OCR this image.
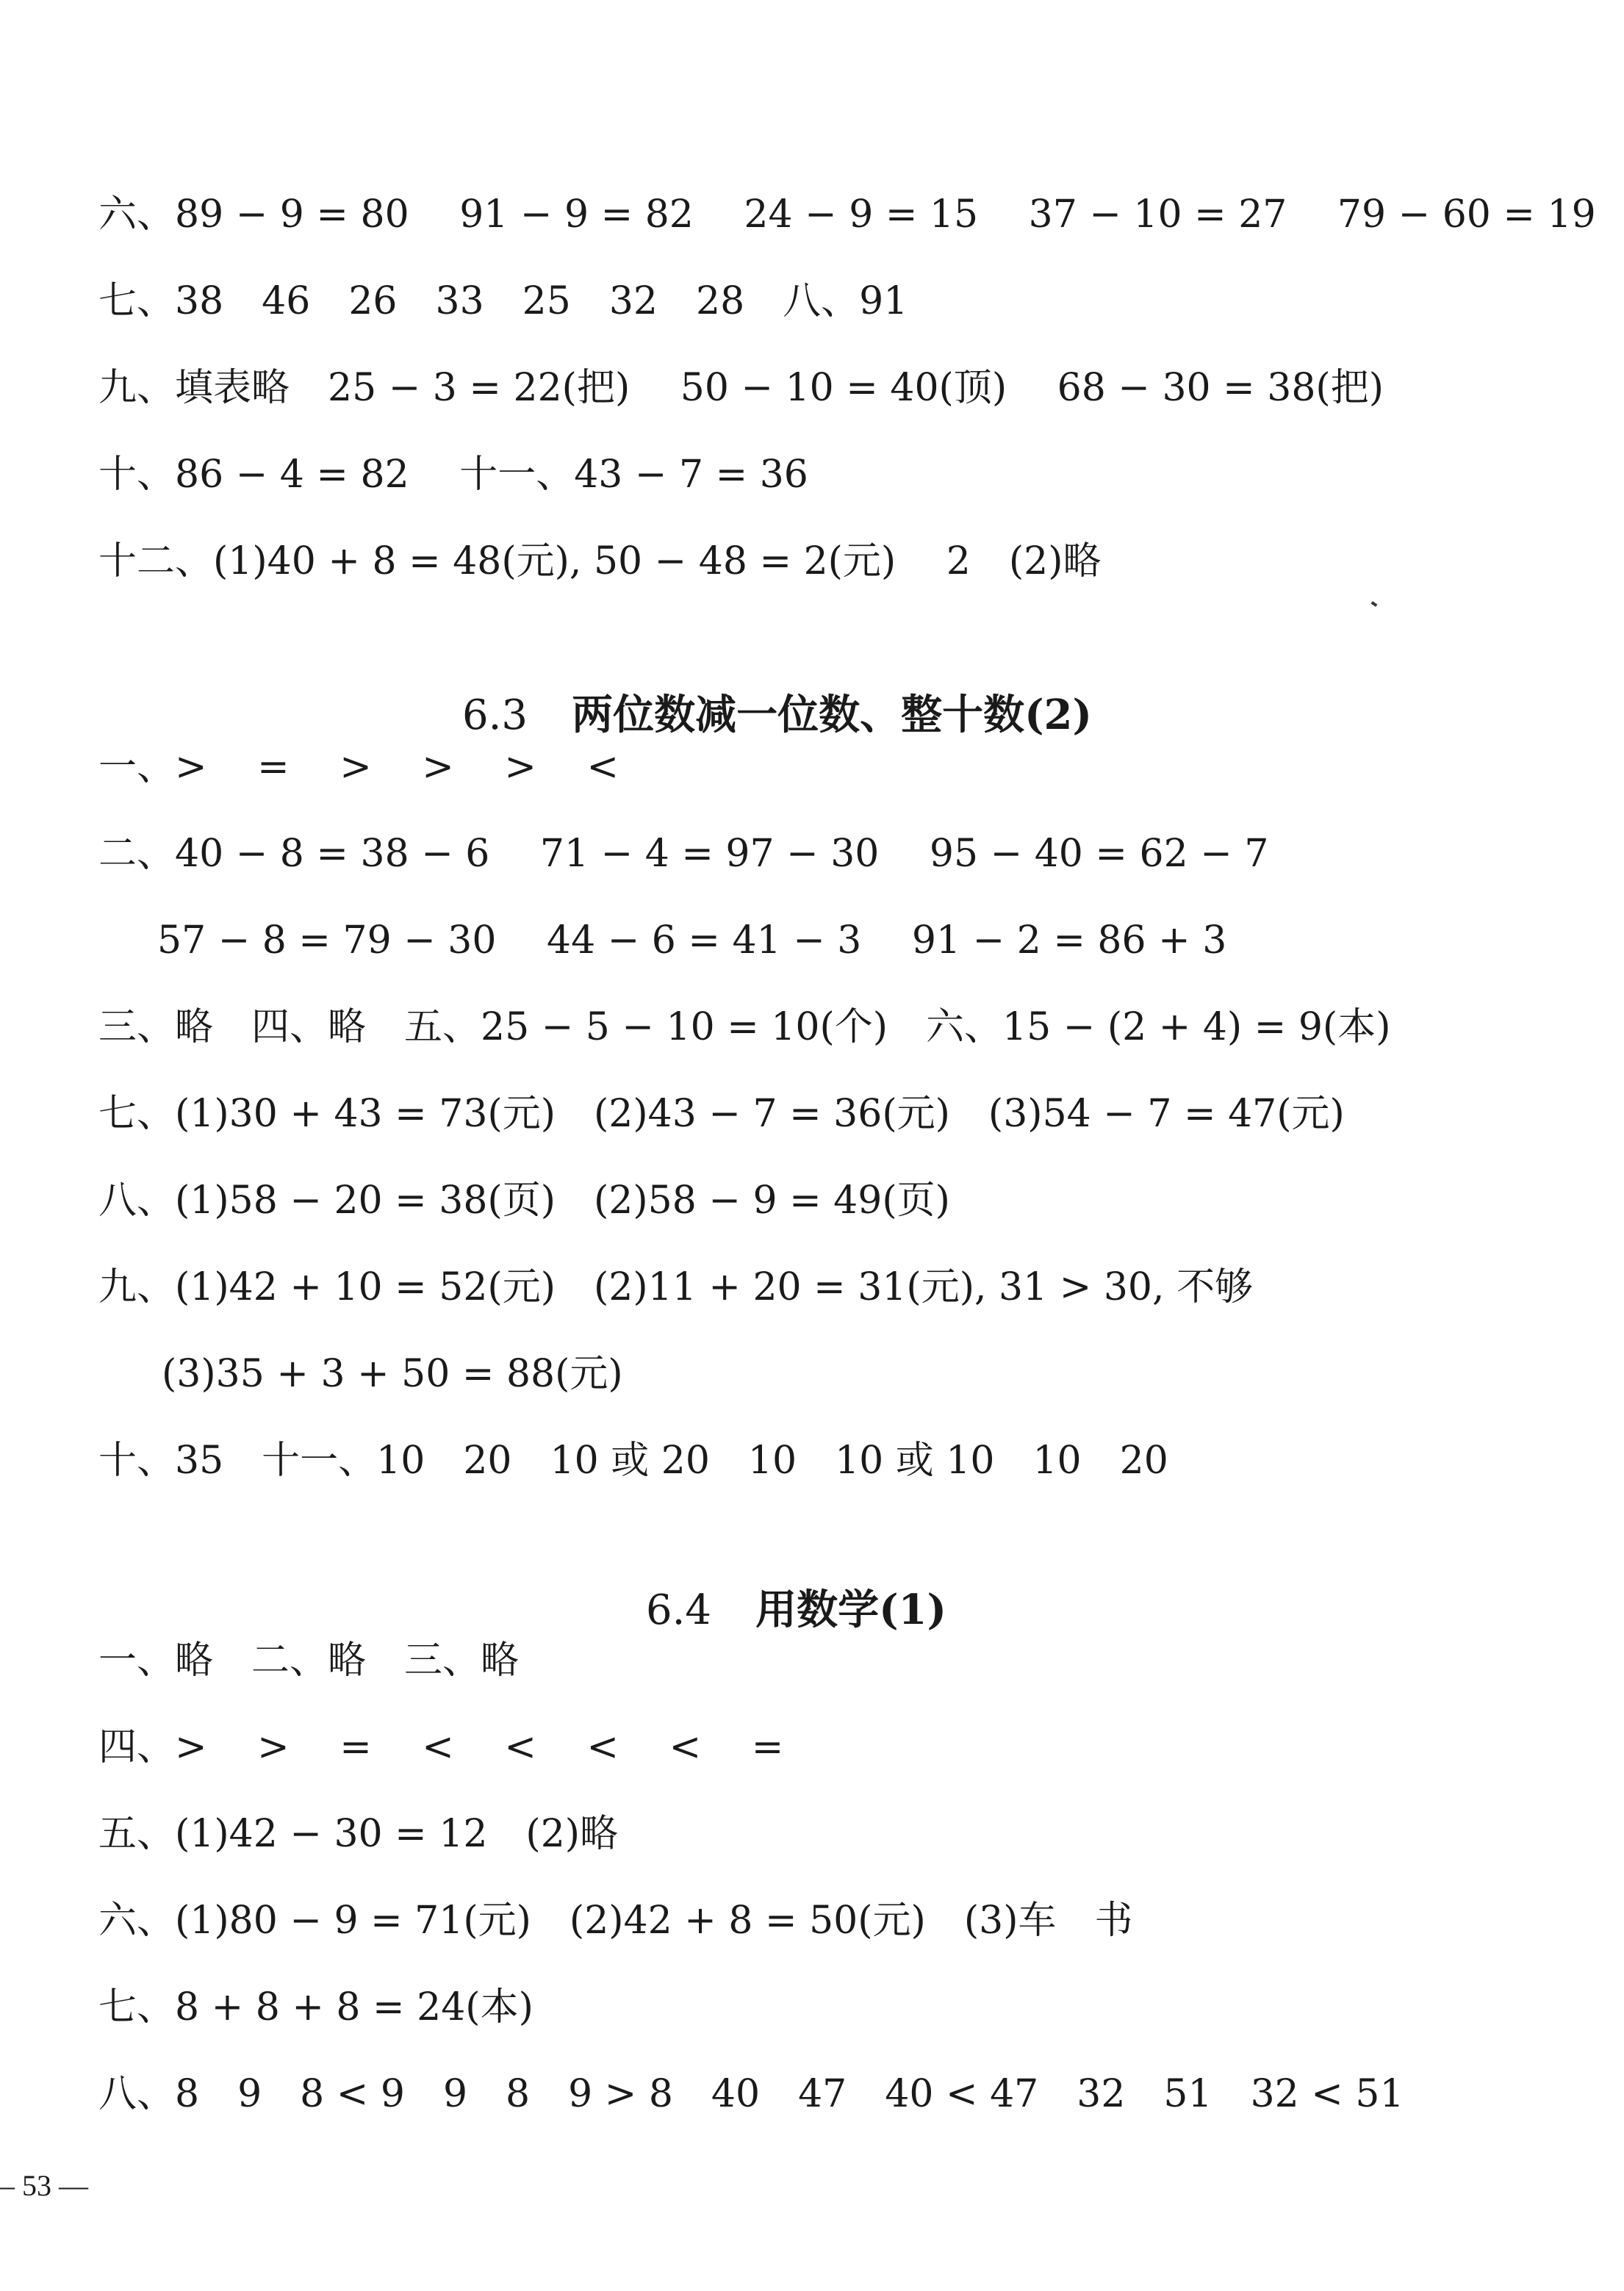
六、89 − 9 = 80　 91 − 9 = 82　 24 − 9 = 15　 37 − 10 = 27　 79 − 60 = 19
七、38　46　26　33　25　32　28　八、91
九、填表略　25 − 3 = 22(把)　 50 − 10 = 40(顶)　 68 − 30 = 38(把)
十、86 − 4 = 82　 十一、43 − 7 = 36
十二、(1)40 + 8 = 48(元), 50 − 48 = 2(元)　 2　(2)略

6.3 两位数减一位数、整十数(2)

一、>　 =　 >　 >　 >　 <
二、40 − 8 = 38 − 6　 71 − 4 = 97 − 30　 95 − 40 = 62 − 7
57 − 8 = 79 − 30　 44 − 6 = 41 − 3　 91 − 2 = 86 + 3
三、略　四、略　五、25 − 5 − 10 = 10(个)　六、15 − (2 + 4) = 9(本)
七、(1)30 + 43 = 73(元)　(2)43 − 7 = 36(元)　(3)54 − 7 = 47(元)
八、(1)58 − 20 = 38(页)　(2)58 − 9 = 49(页)
九、(1)42 + 10 = 52(元)　(2)11 + 20 = 31(元), 31 > 30, 不够
(3)35 + 3 + 50 = 88(元)
十、35　十一、10　20　10 或 20　10　10 或 10　10　20

6.4 用数学(1)

一、略　二、略　三、略
四、>　 >　 =　 <　 <　 <　 <　 =
五、(1)42 − 30 = 12　(2)略
六、(1)80 − 9 = 71(元)　(2)42 + 8 = 50(元)　(3)车　书
七、8 + 8 + 8 = 24(本)
八、8　9　8 < 9　9　8　9 > 8　40　47　40 < 47　32　51　32 < 51
– 53 —
